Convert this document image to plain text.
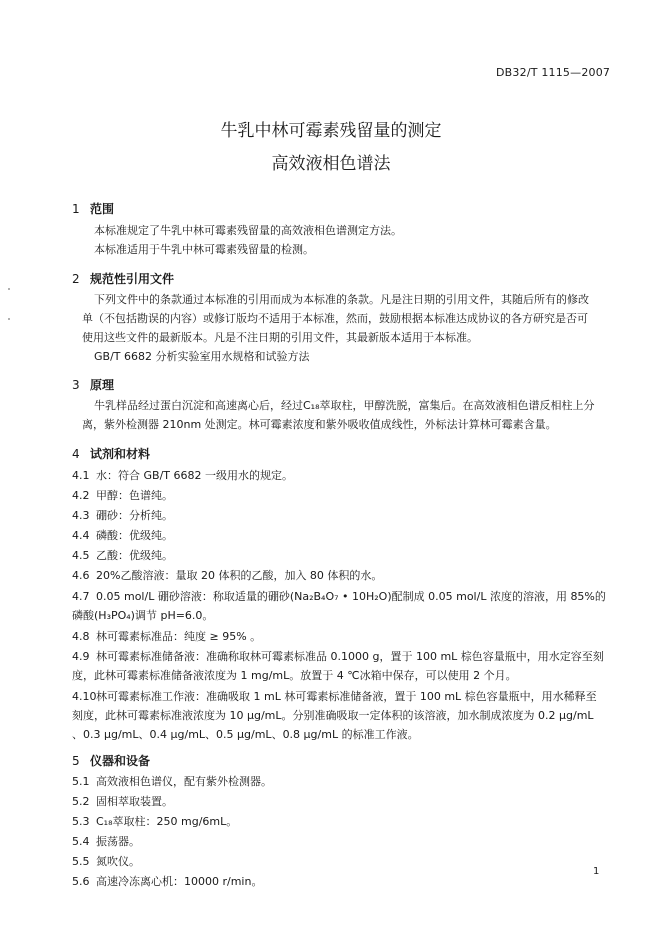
DB32/T 1115—2007
牛乳中林可霉素残留量的测定
高效液相色谱法
1 范围
本标准规定了牛乳中林可霉素残留量的高效液相色谱测定方法。
本标准适用于牛乳中林可霉素残留量的检测。
2 规范性引用文件
下列文件中的条款通过本标准的引用而成为本标准的条款。凡是注日期的引用文件，其随后所有的修改单（不包括勘误的内容）或修订版均不适用于本标准，然而，鼓励根据本标准达成协议的各方研究是否可使用这些文件的最新版本。凡是不注日期的引用文件，其最新版本适用于本标准。
GB/T 6682 分析实验室用水规格和试验方法
3 原理
牛乳样品经过蛋白沉淀和高速离心后，经过C₁₈萃取柱，甲醇洗脱，富集后。在高效液相色谱反相柱上分离，紫外检测器 210nm 处测定。林可霉素浓度和紫外吸收值成线性，外标法计算林可霉素含量。
4 试剂和材料
4.1 水：符合 GB/T 6682 一级用水的规定。
4.2 甲醇：色谱纯。
4.3 硼砂：分析纯。
4.4 磷酸：优级纯。
4.5 乙酸：优级纯。
4.6 20%乙酸溶液：量取 20 体积的乙酸，加入 80 体积的水。
4.7 0.05 mol/L 硼砂溶液：称取适量的硼砂(Na₂B₄O₇ • 10H₂O)配制成 0.05 mol/L 浓度的溶液，用 85%的磷酸(H₃PO₄)调节 pH=6.0。
4.8 林可霉素标准品：纯度 ≥ 95% 。
4.9 林可霉素标准储备液：准确称取林可霉素标准品 0.1000 g，置于 100 mL 棕色容量瓶中，用水定容至刻度，此林可霉素标准储备液浓度为 1 mg/mL。放置于 4 ℃冰箱中保存，可以使用 2 个月。
4.10林可霉素标准工作液：准确吸取 1 mL 林可霉素标准储备液，置于 100 mL 棕色容量瓶中，用水稀释至刻度，此林可霉素标准液浓度为 10 µg/mL。分别准确吸取一定体积的该溶液，加水制成浓度为 0.2 µg/mL 、0.3 µg/mL、0.4 µg/mL、0.5 µg/mL、0.8 µg/mL 的标准工作液。
5 仪器和设备
5.1 高效液相色谱仪，配有紫外检测器。
5.2 固相萃取装置。
5.3 C₁₈萃取柱：250 mg/6mL。
5.4 振荡器。
5.5 氮吹仪。
5.6 高速冷冻离心机：10000 r/min。
1
